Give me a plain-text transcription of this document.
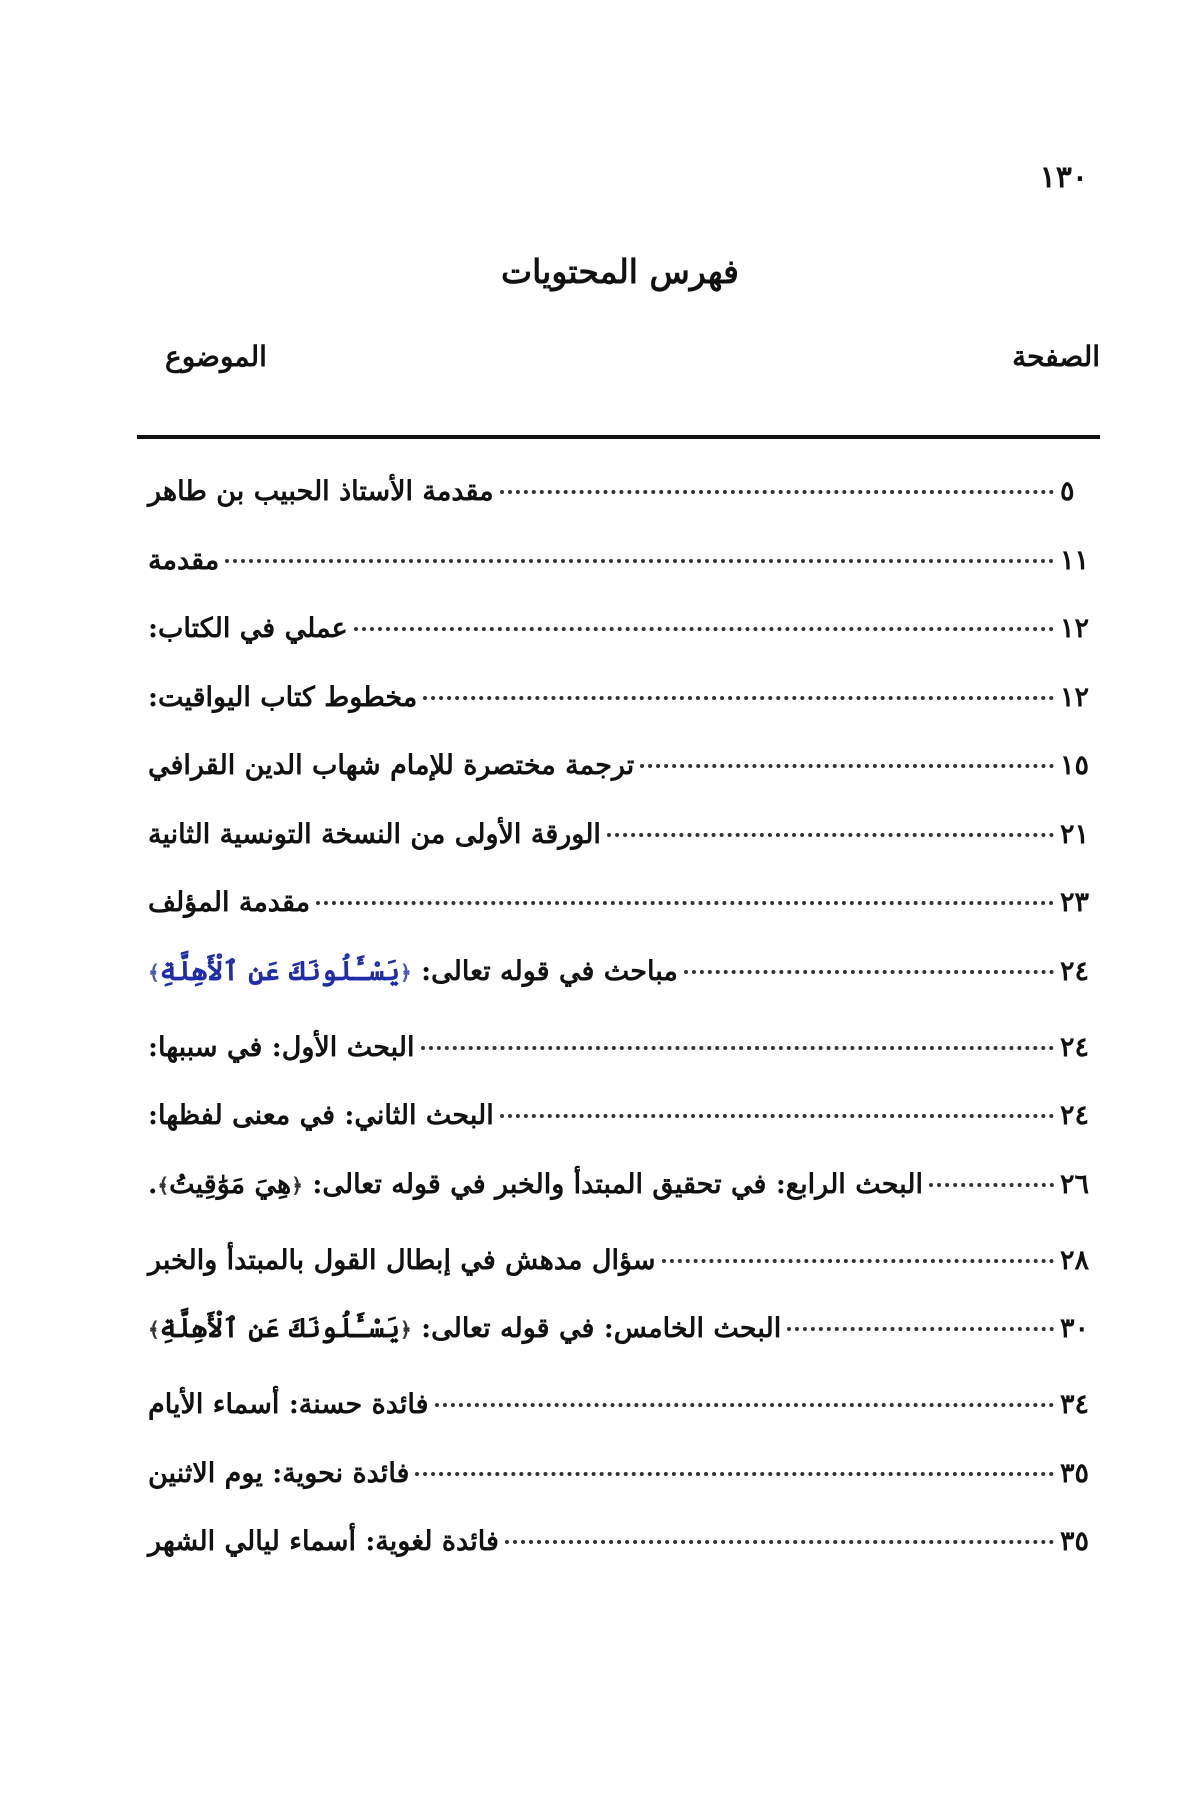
١٣٠
فهرس المحتويات
الموضوع	الصفحة
مقدمة الأستاذ الحبيب بن طاهر	٥
مقدمة	١١
عملي في الكتاب:	١٢
مخطوط كتاب اليواقيت:	١٢
ترجمة مختصرة للإمام شهاب الدين القرافي	١٥
الورقة الأولى من النسخة التونسية الثانية	٢١
مقدمة المؤلف	٢٣
مباحث في قوله تعالى: ﴿يَسْـَٔلُونَكَ عَنِ ٱلْأَهِلَّةِ﴾	٢٤
البحث الأول: في سببها:	٢٤
البحث الثاني: في معنى لفظها:	٢٤
البحث الرابع: في تحقيق المبتدأ والخبر في قوله تعالى: ﴿هِيَ مَوَٰقِيتُ﴾.	٢٦
سؤال مدهش في إبطال القول بالمبتدأ والخبر	٢٨
البحث الخامس: في قوله تعالى: ﴿يَسْـَٔلُونَكَ عَنِ ٱلْأَهِلَّةِ﴾	٣٠
فائدة حسنة: أسماء الأيام	٣٤
فائدة نحوية: يوم الاثنين	٣٥
فائدة لغوية: أسماء ليالي الشهر	٣٥
